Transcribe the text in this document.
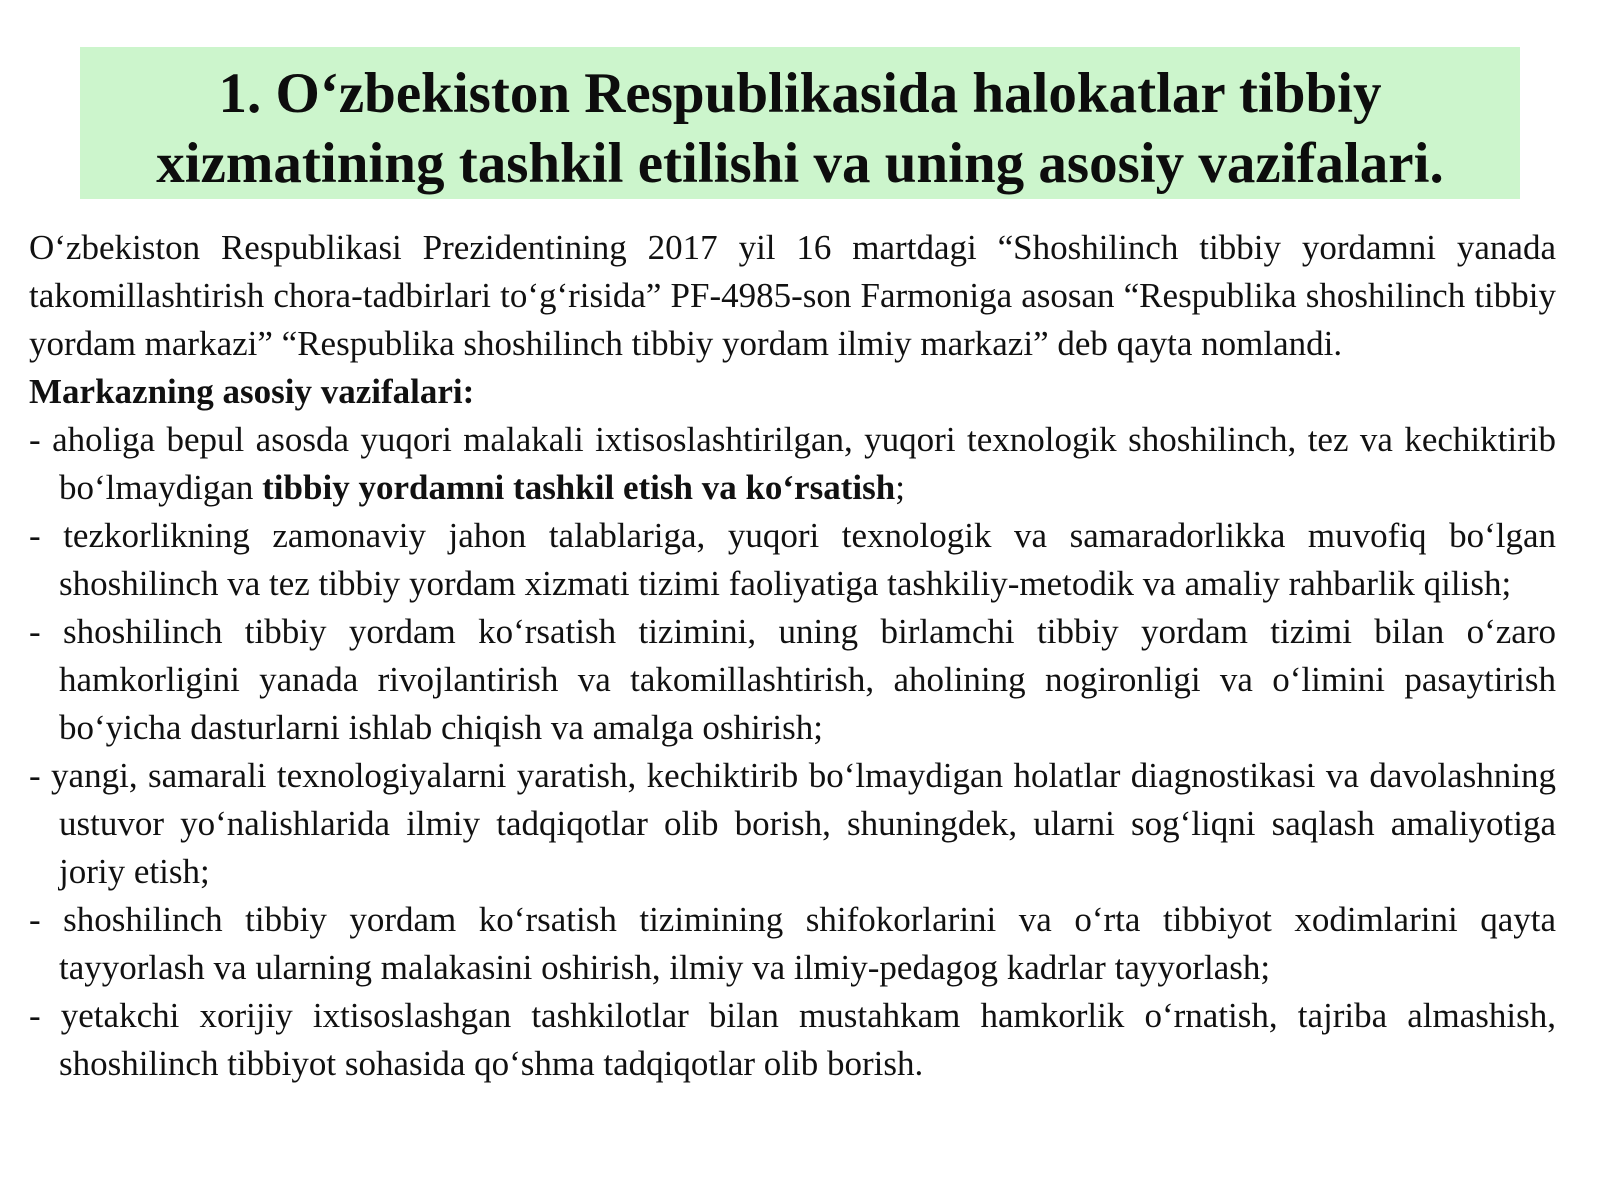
1. O‘zbekiston Respublikasida halokatlar tibbiy
xizmatining tashkil etilishi va uning asosiy vazifalari.

O‘zbekiston Respublikasi Prezidentining 2017 yil 16 martdagi “Shoshilinch tibbiy yordamni yanada takomillashtirish chora-tadbirlari to‘g‘risida” PF-4985-son Farmoniga asosan “Respublika shoshilinch tibbiy yordam markazi” “Respublika shoshilinch tibbiy yordam ilmiy markazi” deb qayta nomlandi.

Markazning asosiy vazifalari:

- aholiga bepul asosda yuqori malakali ixtisoslashtirilgan, yuqori texnologik shoshilinch, tez va kechiktirib bo‘lmaydigan tibbiy yordamni tashkil etish va ko‘rsatish;
- tezkorlikning zamonaviy jahon talablariga, yuqori texnologik va samaradorlikka muvofiq bo‘lgan shoshilinch va tez tibbiy yordam xizmati tizimi faoliyatiga tashkiliy-metodik va amaliy rahbarlik qilish;
- shoshilinch tibbiy yordam ko‘rsatish tizimini, uning birlamchi tibbiy yordam tizimi bilan o‘zaro hamkorligini yanada rivojlantirish va takomillashtirish, aholining nogironligi va o‘limini pasaytirish bo‘yicha dasturlarni ishlab chiqish va amalga oshirish;
- yangi, samarali texnologiyalarni yaratish, kechiktirib bo‘lmaydigan holatlar diagnostikasi va davolashning ustuvor yo‘nalishlarida ilmiy tadqiqotlar olib borish, shuningdek, ularni sog‘liqni saqlash amaliyotiga joriy etish;
- shoshilinch tibbiy yordam ko‘rsatish tizimining shifokorlarini va o‘rta tibbiyot xodimlarini qayta tayyorlash va ularning malakasini oshirish, ilmiy va ilmiy-pedagog kadrlar tayyorlash;
- yetakchi xorijiy ixtisoslashgan tashkilotlar bilan mustahkam hamkorlik o‘rnatish, tajriba almashish, shoshilinch tibbiyot sohasida qo‘shma tadqiqotlar olib borish.
